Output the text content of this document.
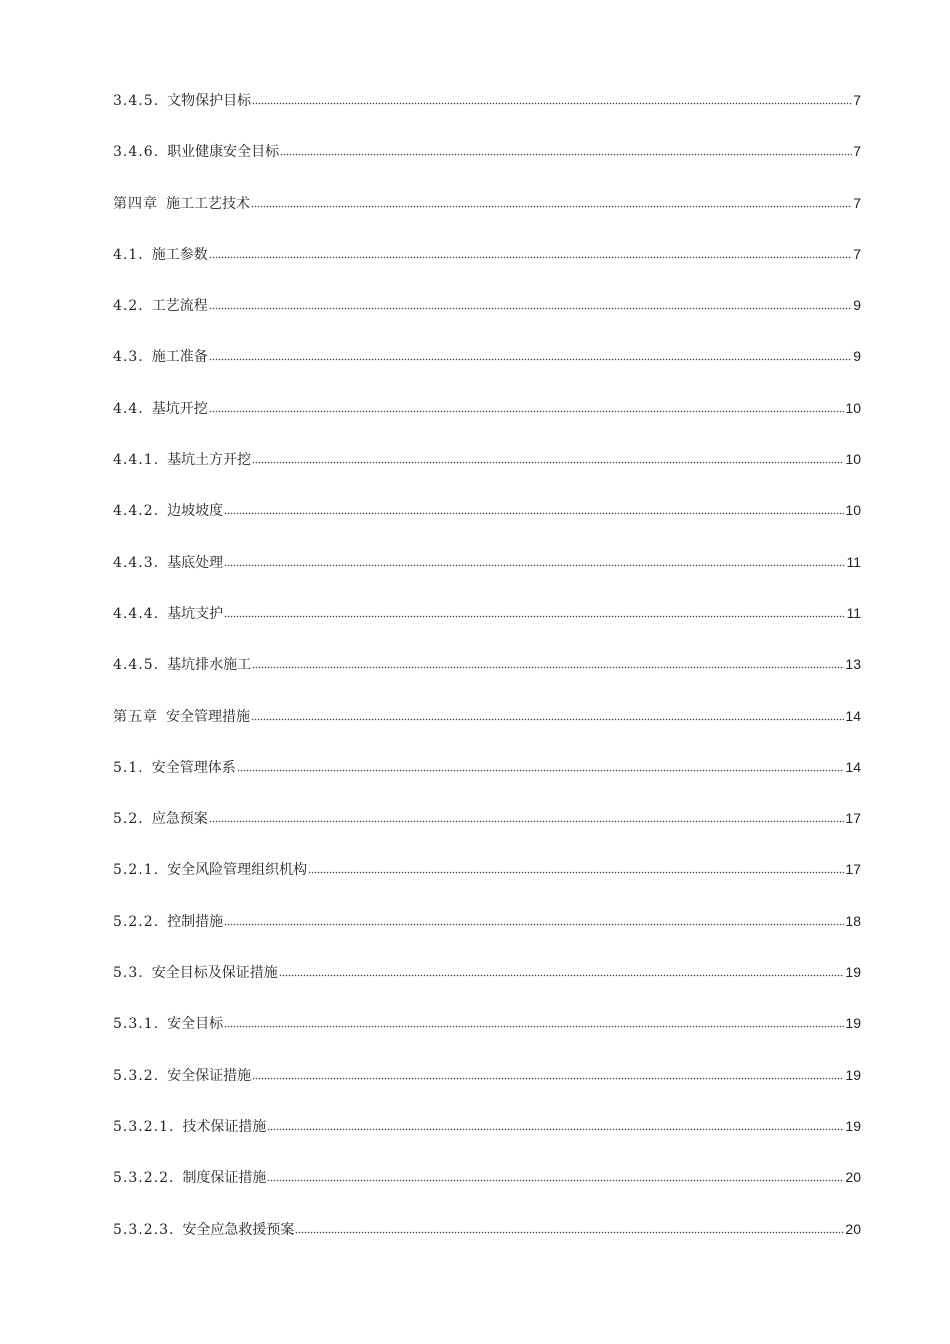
3.4.5. 文物保护目标	7
3.4.6. 职业健康安全目标	7
第四章 施工工艺技术	7
4.1. 施工参数	7
4.2. 工艺流程	9
4.3. 施工准备	9
4.4. 基坑开挖	10
4.4.1. 基坑土方开挖	10
4.4.2. 边坡坡度	10
4.4.3. 基底处理	11
4.4.4. 基坑支护	11
4.4.5. 基坑排水施工	13
第五章 安全管理措施	14
5.1. 安全管理体系	14
5.2. 应急预案	17
5.2.1. 安全风险管理组织机构	17
5.2.2. 控制措施	18
5.3. 安全目标及保证措施	19
5.3.1. 安全目标	19
5.3.2. 安全保证措施	19
5.3.2.1. 技术保证措施	19
5.3.2.2. 制度保证措施	20
5.3.2.3. 安全应急救援预案	20
